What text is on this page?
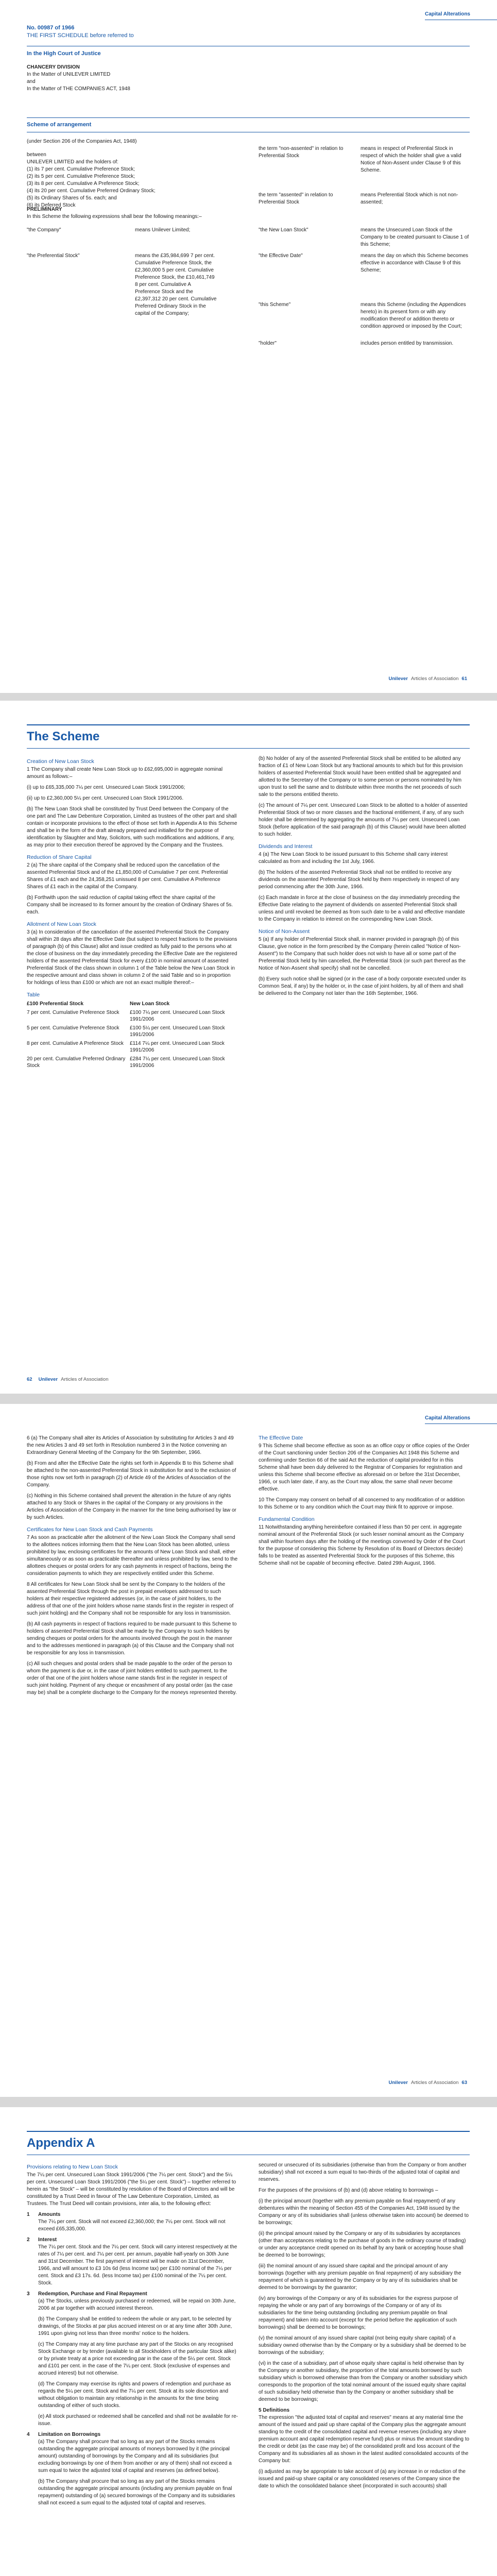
Capital Alterations
No. 00987 of 1966
THE FIRST SCHEDULE before referred to
In the High Court of Justice
CHANCERY DIVISION
In the Matter of UNILEVER LIMITED
and
In the Matter of THE COMPANIES ACT, 1948
Scheme of arrangement
(under Section 206 of the Companies Act, 1948)
between
UNILEVER LIMITED and the holders of:
(1) its 7 per cent. Cumulative Preference Stock;
(2) its 5 per cent. Cumulative Preference Stock;
(3) its 8 per cent. Cumulative A Preference Stock;
(4) its 20 per cent. Cumulative Preferred Ordinary Stock;
(5) its Ordinary Shares of 5s. each; and
(6) its Deferred Stock
the term "non-assented" in relation to Preferential Stock
means in respect of Preferential Stock in respect of which the holder shall give a valid Notice of Non-Assent under Clause 9 of this Scheme.
the term "assented" in relation to Preferential Stock
means Preferential Stock which is not non-assented;
PRELIMINARY
In this Scheme the following expressions shall bear the following meanings:–
"the Company"	means Unilever Limited;
"the Preferential Stock"	means the £35,984,699 7 per cent. Cumulative Preference Stock, the £2,360,000 5 per cent. Cumulative Preference Stock, the £10,461,749 8 per cent. Cumulative A Preference Stock and the £2,397,312 20 per cent. Cumulative Preferred Ordinary Stock in the capital of the Company;
"the New Loan Stock"	means the Unsecured Loan Stock of the Company to be created pursuant to Clause 1 of this Scheme;
"the Effective Date"	means the day on which this Scheme becomes effective in accordance with Clause 9 of this Scheme;
"this Scheme"	means this Scheme (including the Appendices hereto) in its present form or with any modification thereof or addition thereto or condition approved or imposed by the Court;
"holder"	includes person entitled by transmission.
Unilever Articles of Association 61
The Scheme
Creation of New Loan Stock

1 The Company shall create New Loan Stock up to £62,695,000 in aggregate nominal amount as follows:–

(i) up to £65,335,000 7¼ per cent. Unsecured Loan Stock 1991/2006;

(ii) up to £2,360,000 5¼ per cent. Unsecured Loan Stock 1991/2006.

(b) The New Loan Stock shall be constituted by Trust Deed between the Company of the one part and The Law Debenture Corporation, Limited as trustees of the other part and shall contain or incorporate provisions to the effect of those set forth in Appendix A to this Scheme and shall be in the form of the draft already prepared and initialled for the purpose of identification by Slaughter and May, Solicitors, with such modifications and additions, if any, as may prior to their execution thereof be approved by the Company and the Trustees.

Reduction of Share Capital

2 (a) The share capital of the Company shall be reduced upon the cancellation of the assented Preferential Stock and of the £1,850,000 of Cumulative 7 per cent. Preferential Shares of £1 each and the 24,358,251 unissued 8 per cent. Cumulative A Preference Shares of £1 each in the capital of the Company.

(b) Forthwith upon the said reduction of capital taking effect the share capital of the Company shall be increased to its former amount by the creation of Ordinary Shares of 5s. each.

Allotment of New Loan Stock

3 (a) In consideration of the cancellation of the assented Preferential Stock the Company shall within 28 days after the Effective Date (but subject to respect fractions to the provisions of paragraph (b) of this Clause) allot and issue credited as fully paid to the persons who at the close of business on the day immediately preceding the Effective Date are the registered holders of the assented Preferential Stock for every £100 in nominal amount of assented Preferential Stock of the class shown in column 1 of the Table below the New Loan Stock in the respective amount and class shown in column 2 of the said Table and so in proportion for holdings of less than £100 or which are not an exact multiple thereof:–

Table
£100 Preferential Stock	New Loan Stock
7 per cent. Cumulative Preference Stock	£100 7¼ per cent. Unsecured Loan Stock 1991/2006
5 per cent. Cumulative Preference Stock	£100 5¼ per cent. Unsecured Loan Stock 1991/2006
8 per cent. Cumulative A Preference Stock	£114 7¼ per cent. Unsecured Loan Stock 1991/2006
20 per cent. Cumulative Preferred Ordinary Stock	£284 7¼ per cent. Unsecured Loan Stock 1991/2006

(b) No holder of any of the assented Preferential Stock shall be entitled to be allotted any fraction of £1 of New Loan Stock but any fractional amounts to which but for this provision holders of assented Preferential Stock would have been entitled shall be aggregated and allotted to the Secretary of the Company or to some person or persons nominated by him upon trust to sell the same and to distribute within three months the net proceeds of such sale to the persons entitled thereto.

(c) The amount of 7¼ per cent. Unsecured Loan Stock to be allotted to a holder of assented Preferential Stock of two or more classes and the fractional entitlement, if any, of any such holder shall be determined by aggregating the amounts of 7¼ per cent. Unsecured Loan Stock (before application of the said paragraph (b) of this Clause) would have been allotted to such holder.

Dividends and Interest

4 (a) The New Loan Stock to be issued pursuant to this Scheme shall carry interest calculated as from and including the 1st July, 1966.

(b) The holders of the assented Preferential Stock shall not be entitled to receive any dividends on the assented Preferential Stock held by them respectively in respect of any period commencing after the 30th June, 1966.

(c) Each mandate in force at the close of business on the day immediately preceding the Effective Date relating to the payment of dividends on assented Preferential Stock shall unless and until revoked be deemed as from such date to be a valid and effective mandate to the Company in relation to interest on the corresponding New Loan Stock.

Notice of Non-Assent

5 (a) If any holder of Preferential Stock shall, in manner provided in paragraph (b) of this Clause, give notice in the form prescribed by the Company (herein called "Notice of Non-Assent") to the Company that such holder does not wish to have all or some part of the Preferential Stock held by him cancelled, the Preferential Stock (or such part thereof as the Notice of Non-Assent shall specify) shall not be cancelled.

(b) Every such notice shall be signed (or in the case of a body corporate executed under its Common Seal, if any) by the holder or, in the case of joint holders, by all of them and shall be delivered to the Company not later than the 16th September, 1966.

62 Unilever Articles of Association
Capital Alterations

6 (a) The Company shall alter its Articles of Association by substituting for Articles 3 and 49 the new Articles 3 and 49 set forth in Resolution numbered 3 in the Notice convening an Extraordinary General Meeting of the Company for the 9th September, 1966.

(b) From and after the Effective Date the rights set forth in Appendix B to this Scheme shall be attached to the non-assented Preferential Stock in substitution for and to the exclusion of those rights now set forth in paragraph (2) of Article 49 of the Articles of Association of the Company.

(c) Nothing in this Scheme contained shall prevent the alteration in the future of any rights attached to any Stock or Shares in the capital of the Company or any provisions in the Articles of Association of the Company in the manner for the time being authorised by law or by such Articles.

Certificates for New Loan Stock and Cash Payments

7 As soon as practicable after the allotment of the New Loan Stock the Company shall send to the allottees notices informing them that the New Loan Stock has been allotted, unless prohibited by law, enclosing certificates for the amounts of New Loan Stock and shall, either simultaneously or as soon as practicable thereafter and unless prohibited by law, send to the allottees cheques or postal orders for any cash payments in respect of fractions, being the consideration payments to which they are respectively entitled under this Scheme.

8 All certificates for New Loan Stock shall be sent by the Company to the holders of the assented Preferential Stock through the post in prepaid envelopes addressed to such holders at their respective registered addresses (or, in the case of joint holders, to the address of that one of the joint holders whose name stands first in the register in respect of such joint holding) and the Company shall not be responsible for any loss in transmission.

(b) All cash payments in respect of fractions required to be made pursuant to this Scheme to holders of assented Preferential Stock shall be made by the Company to such holders by sending cheques or postal orders for the amounts involved through the post in the manner and to the addresses mentioned in paragraph (a) of this Clause and the Company shall not be responsible for any loss in transmission.

(c) All such cheques and postal orders shall be made payable to the order of the person to whom the payment is due or, in the case of joint holders entitled to such payment, to the order of that one of the joint holders whose name stands first in the register in respect of such joint holding. Payment of any cheque or encashment of any postal order (as the case may be) shall be a complete discharge to the Company for the moneys represented thereby.

The Effective Date

9 This Scheme shall become effective as soon as an office copy or office copies of the Order of the Court sanctioning under Section 206 of the Companies Act 1948 this Scheme and confirming under Section 66 of the said Act the reduction of capital provided for in this Scheme shall have been duly delivered to the Registrar of Companies for registration and unless this Scheme shall become effective as aforesaid on or before the 31st December, 1966, or such later date, if any, as the Court may allow, the same shall never become effective.

10 The Company may consent on behalf of all concerned to any modification of or addition to this Scheme or to any condition which the Court may think fit to approve or impose.

Fundamental Condition

11 Notwithstanding anything hereinbefore contained if less than 50 per cent. in aggregate nominal amount of the Preferential Stock (or such lesser nominal amount as the Company shall within fourteen days after the holding of the meetings convened by Order of the Court for the purpose of considering this Scheme by Resolution of its Board of Directors decide) falls to be treated as assented Preferential Stock for the purposes of this Scheme, this Scheme shall not be capable of becoming effective. Dated 29th August, 1966.

Unilever Articles of Association 63
Appendix A
Provisions relating to New Loan Stock

The 7¼ per cent. Unsecured Loan Stock 1991/2006 ("the 7¼ per cent. Stock") and the 5¼ per cent. Unsecured Loan Stock 1991/2006 ("the 5¼ per cent. Stock") – together referred to herein as "the Stock" – will be constituted by resolution of the Board of Directors and will be constituted by a Trust Deed in favour of The Law Debenture Corporation, Limited, as Trustees. The Trust Deed will contain provisions, inter alia, to the following effect:

1 Amounts

The 7¼ per cent. Stock will not exceed £2,360,000; the 7¼ per cent. Stock will not exceed £65,335,000.

2 Interest

The 7¼ per cent. Stock and the 7¼ per cent. Stock will carry interest respectively at the rates of 7¼ per cent. and 7¼ per cent. per annum, payable half-yearly on 30th June and 31st December. The first payment of interest will be made on 31st December, 1966, and will amount to £3 10s 6d (less Income tax) per £100 nominal of the 7¼ per cent. Stock and £3 17s. 6d. (less Income tax) per £100 nominal of the 7¼ per cent. Stock.

3 Redemption, Purchase and Final Repayment

(a) The Stocks, unless previously purchased or redeemed, will be repaid on 30th June, 2006 at par together with accrued interest thereon.

(b) The Company shall be entitled to redeem the whole or any part, to be selected by drawings, of the Stocks at par plus accrued interest on or at any time after 30th June, 1991 upon giving not less than three months' notice to the holders.

(c) The Company may at any time purchase any part of the Stocks on any recognised Stock Exchange or by tender (available to all Stockholders of the particular Stock alike) or by private treaty at a price not exceeding par in the case of the 5¼ per cent. Stock and £101 per cent. in the case of the 7¼ per cent. Stock (exclusive of expenses and accrued interest) but not otherwise.

(d) The Company may exercise its rights and powers of redemption and purchase as regards the 5¼ per cent. Stock and the 7¼ per cent. Stock at its sole discretion and without obligation to maintain any relationship in the amounts for the time being outstanding of either of such stocks.

(e) All stock purchased or redeemed shall be cancelled and shall not be available for re-issue.

4 Limitation on Borrowings

(a) The Company shall procure that so long as any part of the Stocks remains outstanding the aggregate principal amounts of moneys borrowed by it (the principal amount) outstanding of borrowings by the Company and all its subsidiaries (but excluding borrowings by one of them from another or any of them) shall not exceed a sum equal to twice the adjusted total of capital and reserves (as defined below).

(b) The Company shall procure that so long as any part of the Stocks remains outstanding the aggregate principal amounts (including any premium payable on final repayment) outstanding of (a) secured borrowings of the Company and its subsidiaries shall not exceed a sum equal to the adjusted total of capital and reserves.

secured or unsecured of its subsidiaries (otherwise than from the Company or from another subsidiary) shall not exceed a sum equal to two-thirds of the adjusted total of capital and reserves.

For the purposes of the provisions of (b) and (d) above relating to borrowings –

(i) the principal amount (together with any premium payable on final repayment) of any debentures within the meaning of Section 455 of the Companies Act, 1948 issued by the Company or any of its subsidiaries shall (unless otherwise taken into account) be deemed to be borrowings;

(ii) the principal amount raised by the Company or any of its subsidiaries by acceptances (other than acceptances relating to the purchase of goods in the ordinary course of trading) or under any acceptance credit opened on its behalf by any bank or accepting house shall be deemed to be borrowings;

(iii) the nominal amount of any issued share capital and the principal amount of any borrowings (together with any premium payable on final repayment) of any subsidiary the repayment of which is guaranteed by the Company or by any of its subsidiaries shall be deemed to be borrowings by the guarantor;

(iv) any borrowings of the Company or any of its subsidiaries for the express purpose of repaying the whole or any part of any borrowings of the Company or of any of its subsidiaries for the time being outstanding (including any premium payable on final repayment) and taken into account (except for the period before the application of such borrowings) shall be deemed to be borrowings;

(v) the nominal amount of any issued share capital (not being equity share capital) of a subsidiary owned otherwise than by the Company or by a subsidiary shall be deemed to be borrowings of the subsidiary;

(vi) in the case of a subsidiary, part of whose equity share capital is held otherwise than by the Company or another subsidiary, the proportion of the total amounts borrowed by such subsidiary which is borrowed otherwise than from the Company or another subsidiary which corresponds to the proportion of the total nominal amount of the issued equity share capital of such subsidiary held otherwise than by the Company or another subsidiary shall be deemed to be borrowings;

5 Definitions

The expression "the adjusted total of capital and reserves" means at any material time the amount of the issued and paid up share capital of the Company plus the aggregate amount standing to the credit of the consolidated capital and revenue reserves (including any share premium account and capital redemption reserve fund) plus or minus the amount standing to the credit or debit (as the case may be) of the consolidated profit and loss account of the Company and its subsidiaries all as shown in the latest audited consolidated accounts of the Company but:

(i) adjusted as may be appropriate to take account of (a) any increase in or reduction of the issued and paid-up share capital or any consolidated reserves of the Company since the date to which the consolidated balance sheet (incorporated in such accounts) shall
